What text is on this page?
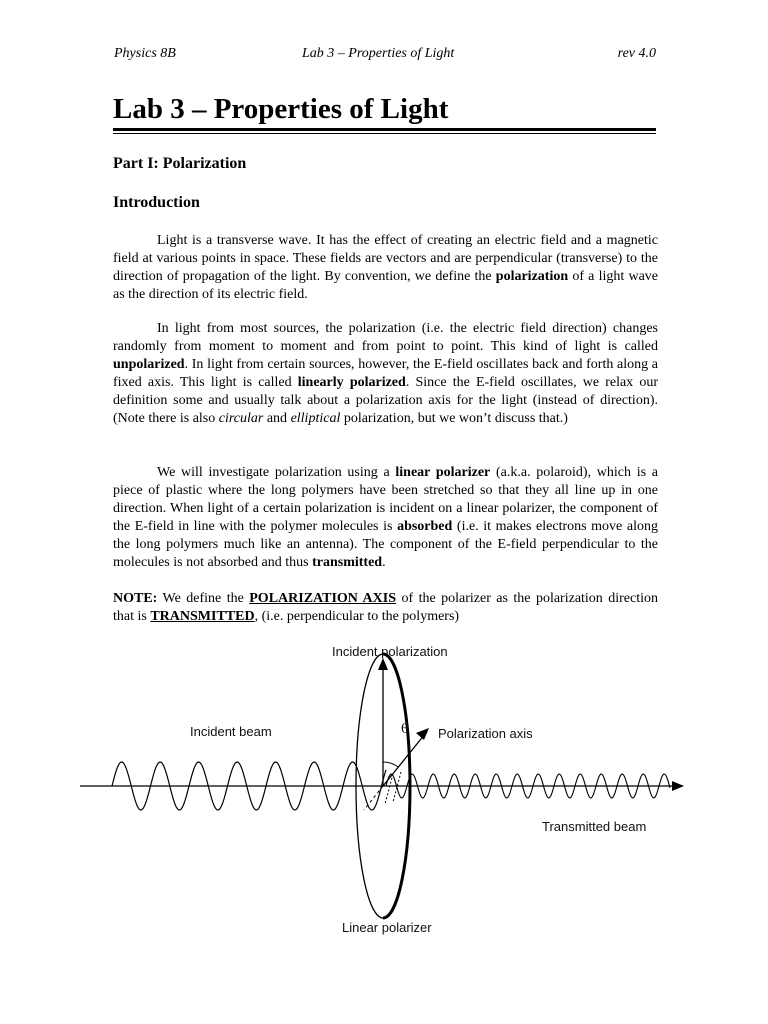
Physics 8B	Lab 3 – Properties of Light	rev 4.0
Lab 3 – Properties of Light
Part I: Polarization
Introduction

Light is a transverse wave. It has the effect of creating an electric field and a magnetic field at various points in space. These fields are vectors and are perpendicular (transverse) to the direction of propagation of the light. By convention, we define the polarization of a light wave as the direction of its electric field.

In light from most sources, the polarization (i.e. the electric field direction) changes randomly from moment to moment and from point to point. This kind of light is called unpolarized. In light from certain sources, however, the E-field oscillates back and forth along a fixed axis. This light is called linearly polarized. Since the E-field oscillates, we relax our definition some and usually talk about a polarization axis for the light (instead of direction). (Note there is also circular and elliptical polarization, but we won’t discuss that.)

We will investigate polarization using a linear polarizer (a.k.a. polaroid), which is a piece of plastic where the long polymers have been stretched so that they all line up in one direction. When light of a certain polarization is incident on a linear polarizer, the component of the E-field in line with the polymer molecules is absorbed (i.e. it makes electrons move along the long polymers much like an antenna). The component of the E-field perpendicular to the molecules is not absorbed and thus transmitted.

NOTE: We define the POLARIZATION AXIS of the polarizer as the polarization direction that is TRANSMITTED, (i.e. perpendicular to the polymers)

Incident polarization
Incident beam	θ Polarization axis
Transmitted beam
Linear polarizer
